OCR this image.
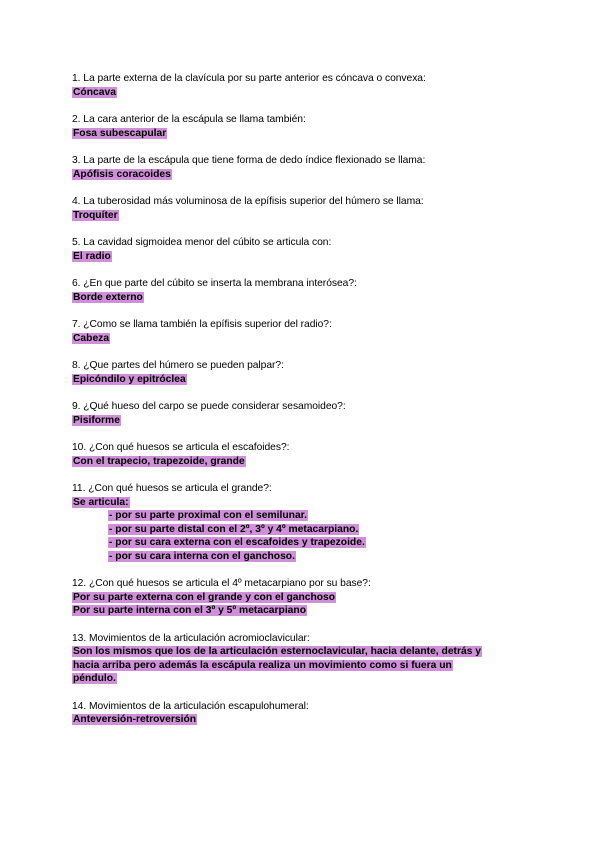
1. La parte externa de la clavícula por su parte anterior es cóncava o convexa:
Cóncava
2. La cara anterior de la escápula se llama también:
Fosa subescapular
3. La parte de la escápula que tiene forma de dedo índice flexionado se llama:
Apófisis coracoides
4. La tuberosidad más voluminosa de la epífisis superior del húmero se llama:
Troquíter
5. La cavidad sigmoidea menor del cúbito se articula con:
El radio
6. ¿En que parte del cúbito se inserta la membrana interósea?:
Borde externo
7. ¿Como se llama también la epífisis superior del radio?:
Cabeza
8. ¿Que partes del húmero se pueden palpar?:
Epicóndilo y epitróclea
9. ¿Qué hueso del carpo se puede considerar sesamoideo?:
Pisiforme
10. ¿Con qué huesos se articula el escafoides?:
Con el trapecio, trapezoide, grande
11. ¿Con qué huesos se articula el grande?:
Se articula:
- por su parte proximal con el semilunar.
- por su parte distal con el 2º, 3º y 4º metacarpiano.
- por su cara externa con el escafoides y trapezoide.
- por su cara interna con el ganchoso.
12. ¿Con qué huesos se articula el 4º metacarpiano por su base?:
Por su parte externa con el grande y con el ganchoso
Por su parte interna con el 3º y 5º metacarpiano
13. Movimientos de la articulación acromioclavicular:
Son los mismos que los de la articulación esternoclavicular, hacia delante, detrás y
hacia arriba pero además la escápula realiza un movimiento como si fuera un
péndulo.
14. Movimientos de la articulación escapulohumeral:
Anteversión-retroversión
